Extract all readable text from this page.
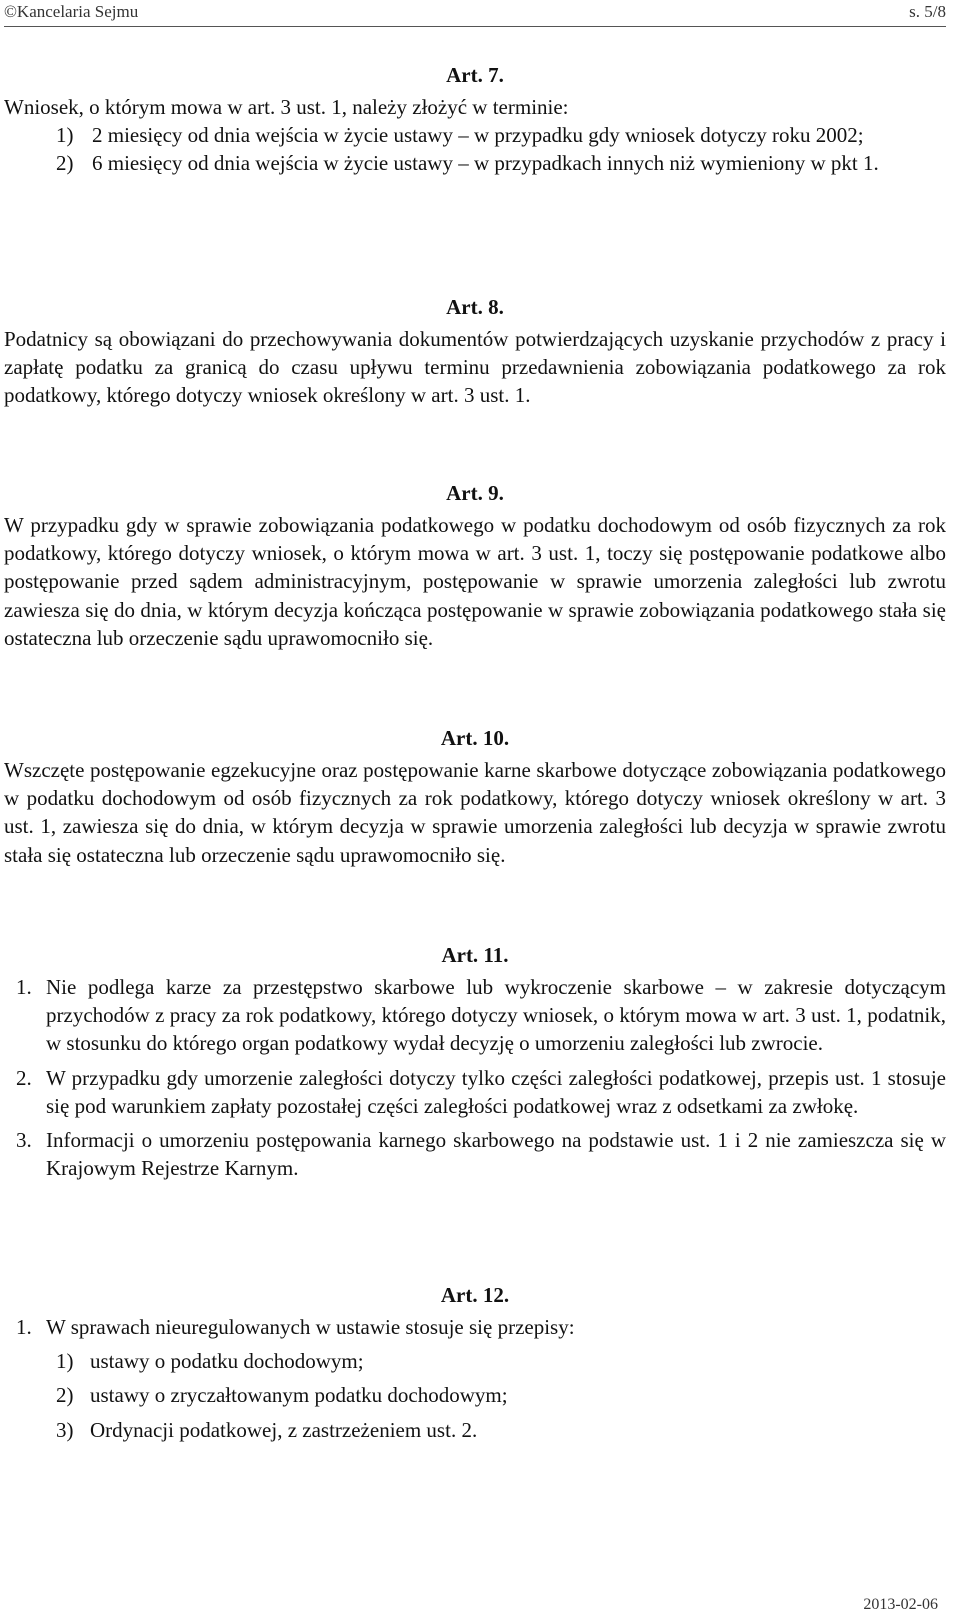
©Kancelaria Sejmu	s. 5/8
Art. 7.

Wniosek, o którym mowa w art. 3 ust. 1, należy złożyć w terminie:

1) 2 miesięcy od dnia wejścia w życie ustawy – w przypadku gdy wniosek dotyczy roku 2002;
2) 6 miesięcy od dnia wejścia w życie ustawy – w przypadkach innych niż wymieniony w pkt 1.
Art. 8.

Podatnicy są obowiązani do przechowywania dokumentów potwierdzających uzyskanie przychodów z pracy i zapłatę podatku za granicą do czasu upływu terminu przedawnienia zobowiązania podatkowego za rok podatkowy, którego dotyczy wniosek określony w art. 3 ust. 1.

Art. 9.

W przypadku gdy w sprawie zobowiązania podatkowego w podatku dochodowym od osób fizycznych za rok podatkowy, którego dotyczy wniosek, o którym mowa w art. 3 ust. 1, toczy się postępowanie podatkowe albo postępowanie przed sądem administracyjnym, postępowanie w sprawie umorzenia zaległości lub zwrotu zawiesza się do dnia, w którym decyzja kończąca postępowanie w sprawie zobowiązania podatkowego stała się ostateczna lub orzeczenie sądu uprawomocniło się.

Art. 10.

Wszczęte postępowanie egzekucyjne oraz postępowanie karne skarbowe dotyczące zobowiązania podatkowego w podatku dochodowym od osób fizycznych za rok podatkowy, którego dotyczy wniosek określony w art. 3 ust. 1, zawiesza się do dnia, w którym decyzja w sprawie umorzenia zaległości lub decyzja w sprawie zwrotu stała się ostateczna lub orzeczenie sądu uprawomocniło się.

Art. 11.
1. Nie podlega karze za przestępstwo skarbowe lub wykroczenie skarbowe – w zakresie dotyczącym przychodów z pracy za rok podatkowy, którego dotyczy wniosek, o którym mowa w art. 3 ust. 1, podatnik, w stosunku do którego organ podatkowy wydał decyzję o umorzeniu zaległości lub zwrocie.
2. W przypadku gdy umorzenie zaległości dotyczy tylko części zaległości podatkowej, przepis ust. 1 stosuje się pod warunkiem zapłaty pozostałej części zaległości podatkowej wraz z odsetkami za zwłokę.
3. Informacji o umorzeniu postępowania karnego skarbowego na podstawie ust. 1 i 2 nie zamieszcza się w Krajowym Rejestrze Karnym.
Art. 12.
1. W sprawach nieuregulowanych w ustawie stosuje się przepisy:
1) ustawy o podatku dochodowym;
2) ustawy o zryczałtowanym podatku dochodowym;
3) Ordynacji podatkowej, z zastrzeżeniem ust. 2.
2013-02-06
